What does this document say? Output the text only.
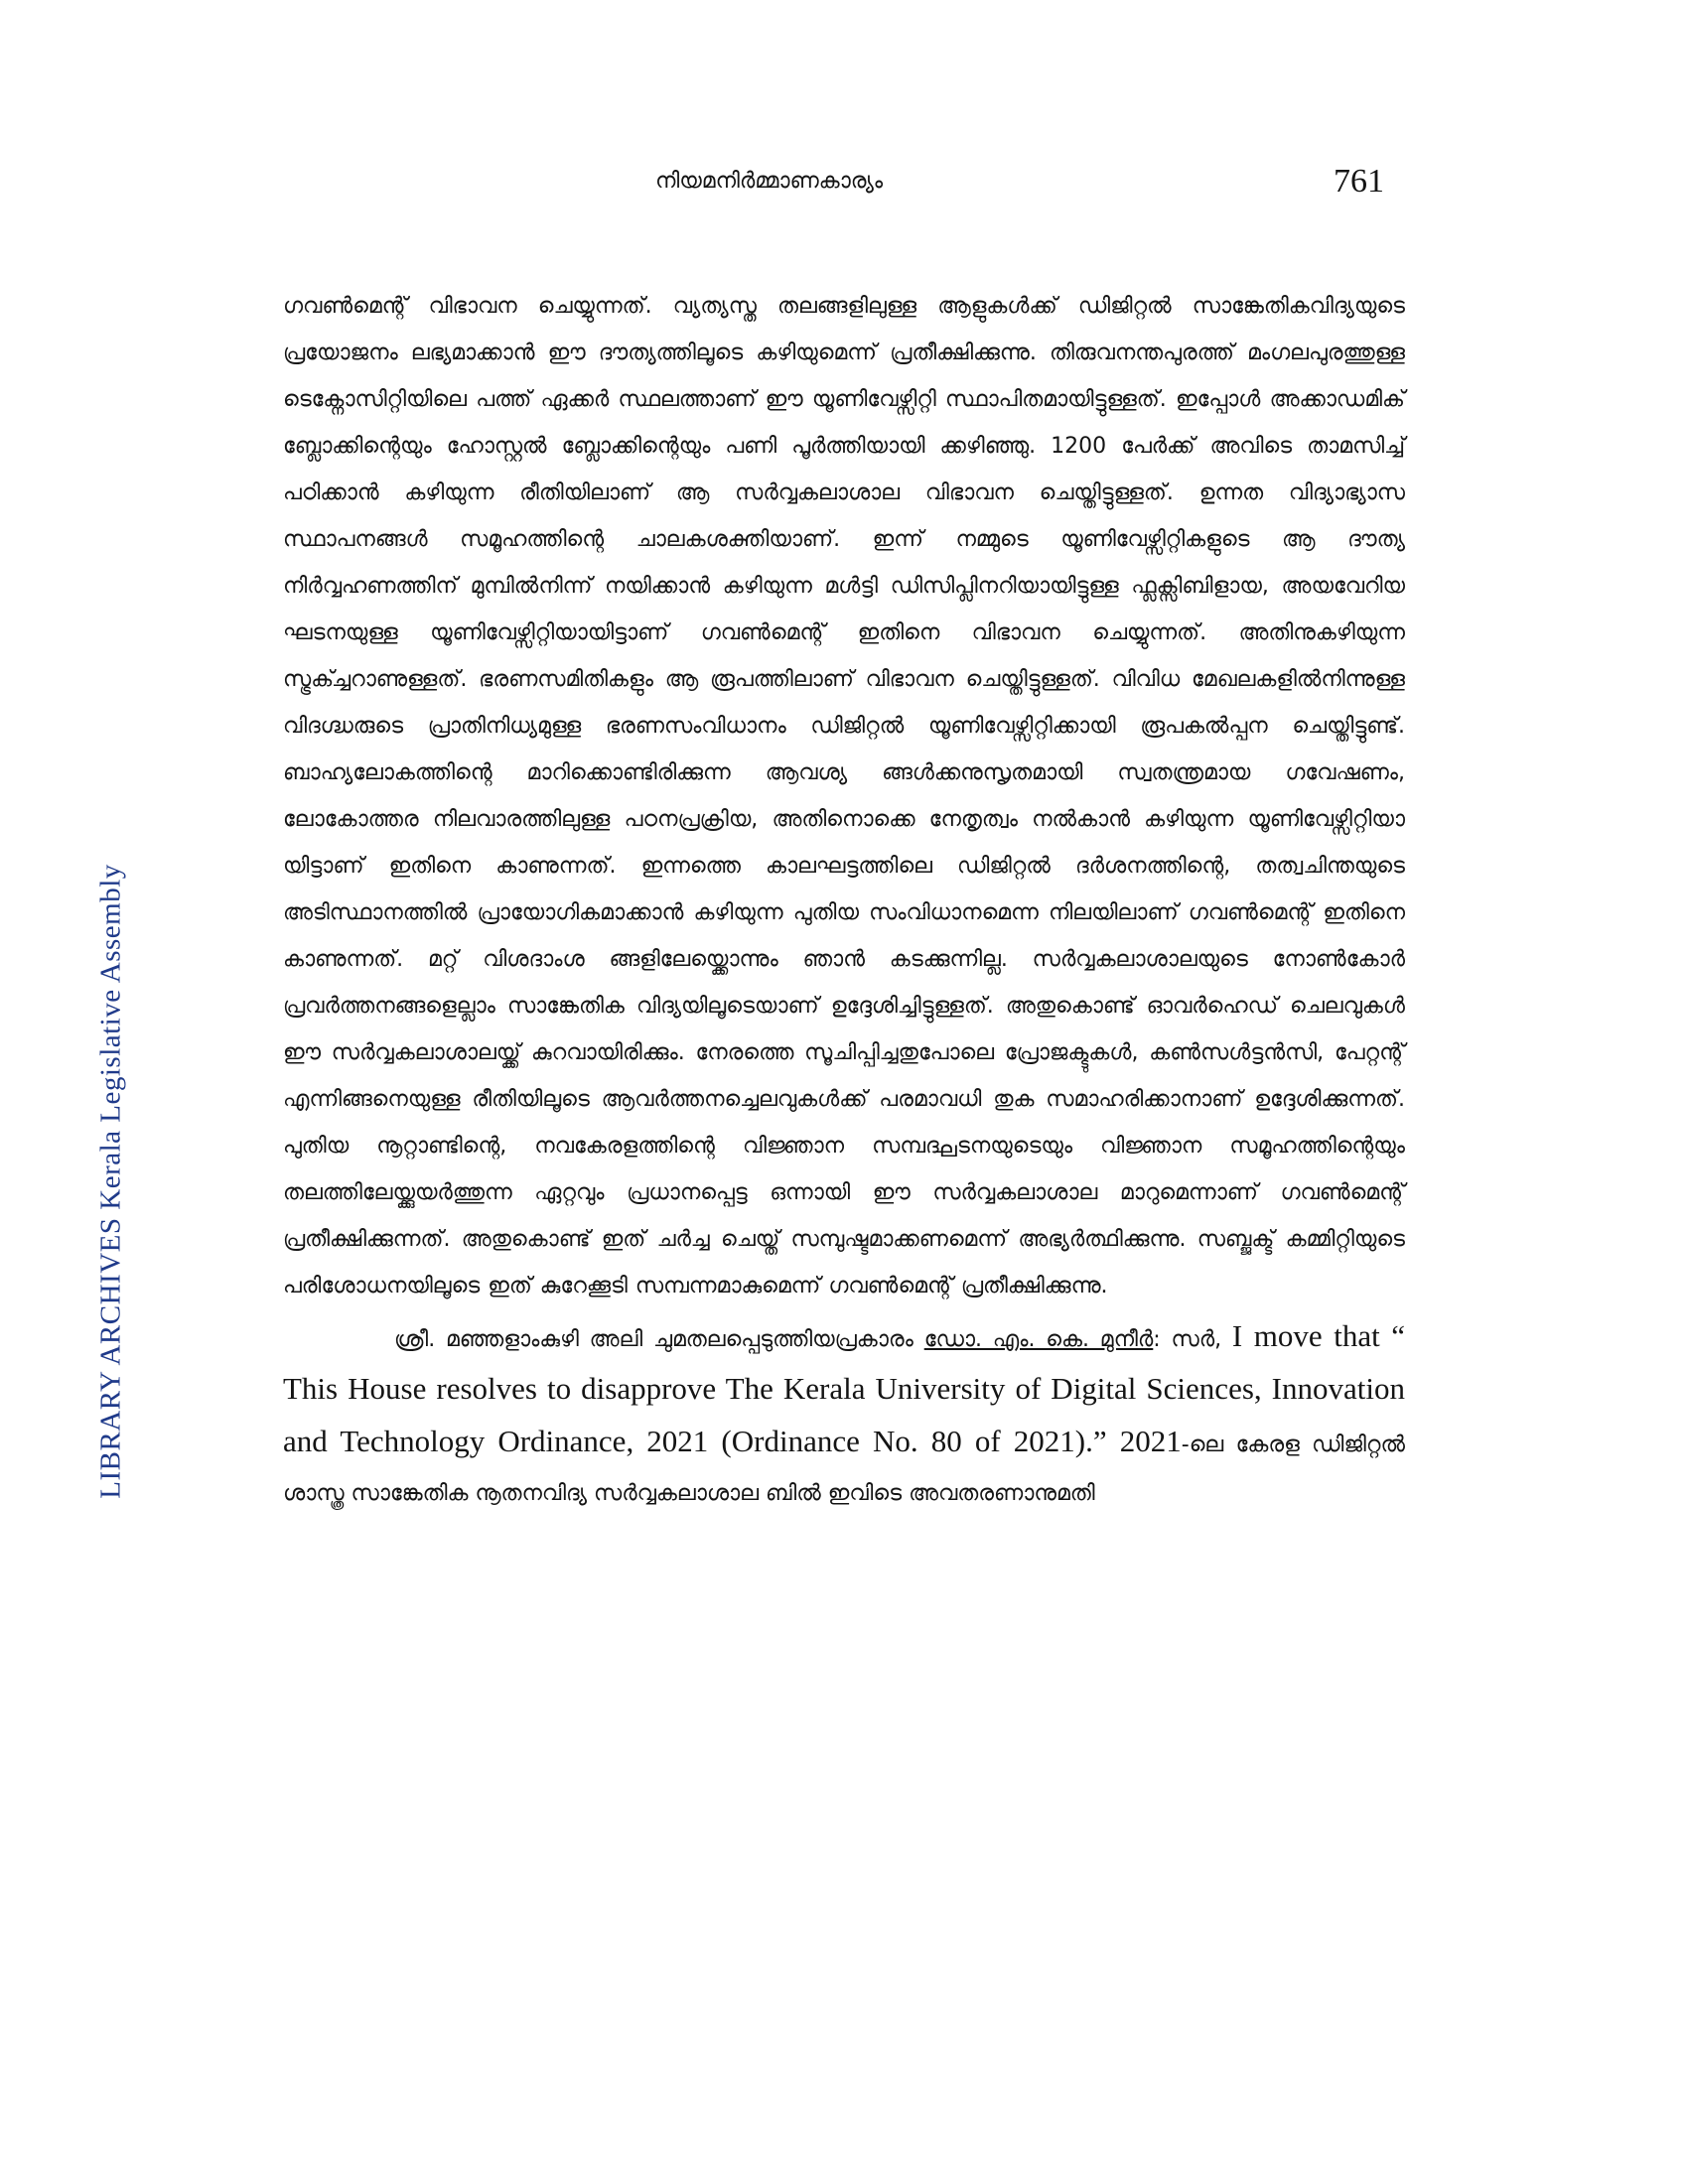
നിയമനിർമ്മാണകാര്യം	761
LIBRARY ARCHIVES Kerala Legislative Assembly

ഗവൺമെന്റ് വിഭാവന ചെയ്യുന്നത്. വ്യത്യസ്ത തലങ്ങളിലുള്ള ആളുകൾക്ക് ഡിജിറ്റൽ സാങ്കേതികവിദ്യയുടെ പ്രയോജനം ലഭ്യമാക്കാൻ ഈ ദൗത്യത്തിലൂടെ കഴിയുമെന്ന് പ്രതീക്ഷിക്കുന്നു. തിരുവനന്തപുരത്ത് മംഗലപുരത്തുള്ള ടെക്നോസിറ്റിയിലെ പത്ത് ഏക്കർ സ്ഥലത്താണ് ഈ യൂണിവേഴ്സിറ്റി സ്ഥാപിതമായിട്ടുള്ളത്. ഇപ്പോൾ അക്കാഡമിക് ബ്ലോക്കിന്റെയും ഹോസ്റ്റൽ ബ്ലോക്കിന്റെയും പണി പൂർത്തിയായി ക്കഴിഞ്ഞു. 1200 പേർക്ക് അവിടെ താമസിച്ച് പഠിക്കാൻ കഴിയുന്ന രീതിയിലാണ് ആ സർവ്വകലാശാല വിഭാവന ചെയ്തിട്ടുള്ളത്. ഉന്നത വിദ്യാഭ്യാസ സ്ഥാപനങ്ങൾ സമൂഹത്തിന്റെ ചാലകശക്തിയാണ്. ഇന്ന് നമ്മുടെ യൂണിവേഴ്സിറ്റികളുടെ ആ ദൗത്യ നിർവ്വഹണത്തിന് മുമ്പിൽനിന്ന് നയിക്കാൻ കഴിയുന്ന മൾട്ടി ഡിസിപ്ലിനറിയായിട്ടുള്ള ഫ്ലക്സിബിളായ, അയവേറിയ ഘടനയുള്ള യൂണിവേഴ്സിറ്റിയായിട്ടാണ് ഗവൺമെന്റ് ഇതിനെ വിഭാവന ചെയ്യുന്നത്. അതിനുകഴിയുന്ന സ്ട്രക്ച്ചറാണുള്ളത്. ഭരണസമിതികളും ആ രൂപത്തിലാണ് വിഭാവന ചെയ്തിട്ടുള്ളത്. വിവിധ മേഖലകളിൽനിന്നുള്ള വിദഗ്ദ്ധരുടെ പ്രാതിനിധ്യമുള്ള ഭരണസംവിധാനം ഡിജിറ്റൽ യൂണിവേഴ്സിറ്റിക്കായി രൂപകൽപ്പന ചെയ്തിട്ടുണ്ട്. ബാഹ്യലോകത്തിന്റെ മാറിക്കൊണ്ടിരിക്കുന്ന ആവശ്യ ങ്ങൾക്കനുസൃതമായി സ്വതന്ത്രമായ ഗവേഷണം, ലോകോത്തര നിലവാരത്തിലുള്ള പഠനപ്രക്രിയ, അതിനൊക്കെ നേതൃത്വം നൽകാൻ കഴിയുന്ന യൂണിവേഴ്സിറ്റിയാ യിട്ടാണ് ഇതിനെ കാണുന്നത്. ഇന്നത്തെ കാലഘട്ടത്തിലെ ഡിജിറ്റൽ ദർശനത്തിന്റെ, തത്വചിന്തയുടെ അടിസ്ഥാനത്തിൽ പ്രായോഗികമാക്കാൻ കഴിയുന്ന പുതിയ സംവിധാനമെന്ന നിലയിലാണ് ഗവൺമെന്റ് ഇതിനെ കാണുന്നത്. മറ്റ് വിശദാംശ ങ്ങളിലേയ്ക്കൊന്നും ഞാൻ കടക്കുന്നില്ല. സർവ്വകലാശാലയുടെ നോൺകോർ പ്രവർത്തനങ്ങളെല്ലാം സാങ്കേതിക വിദ്യയിലൂടെയാണ് ഉദ്ദേശിച്ചിട്ടുള്ളത്. അതുകൊണ്ട് ഓവർഹെഡ് ചെലവുകൾ ഈ സർവ്വകലാശാലയ്ക്ക് കുറവായിരിക്കും. നേരത്തെ സൂചിപ്പിച്ചതുപോലെ പ്രോജക്ടുകൾ, കൺസൾട്ടൻസി, പേറ്റന്റ് എന്നിങ്ങനെയുള്ള രീതിയിലൂടെ ആവർത്തനച്ചെലവുകൾക്ക് പരമാവധി തുക സമാഹരിക്കാനാണ് ഉദ്ദേശിക്കുന്നത്. പുതിയ നൂറ്റാണ്ടിന്റെ, നവകേരളത്തിന്റെ വിജ്ഞാന സമ്പദ്ഘടനയുടെയും വിജ്ഞാന സമൂഹത്തിന്റെയും തലത്തിലേയ്ക്കുയർത്തുന്ന ഏറ്റവും പ്രധാനപ്പെട്ട ഒന്നായി ഈ സർവ്വകലാശാല മാറുമെന്നാണ് ഗവൺമെന്റ് പ്രതീക്ഷിക്കുന്നത്. അതുകൊണ്ട് ഇത് ചർച്ച ചെയ്ത് സമ്പുഷ്ടമാക്കണമെന്ന് അഭ്യർത്ഥിക്കുന്നു. സബ്ജക്ട് കമ്മിറ്റിയുടെ പരിശോധനയിലൂടെ ഇത് കുറേക്കൂടി സമ്പന്നമാകുമെന്ന് ഗവൺമെന്റ് പ്രതീക്ഷിക്കുന്നു.

ശ്രീ. മഞ്ഞളാംകുഴി അലി ചുമതലപ്പെടുത്തിയപ്രകാരം ഡോ. എം. കെ. മുനീർ: സർ, I move that “ This House resolves to disapprove The Kerala University of Digital Sciences, Innovation and Technology Ordinance, 2021 (Ordinance No. 80 of 2021).” 2021-ലെ കേരള ഡിജിറ്റൽ ശാസ്ത്ര സാങ്കേതിക നൂതനവിദ്യ സർവ്വകലാശാല ബിൽ ഇവിടെ അവതരണാനുമതി
